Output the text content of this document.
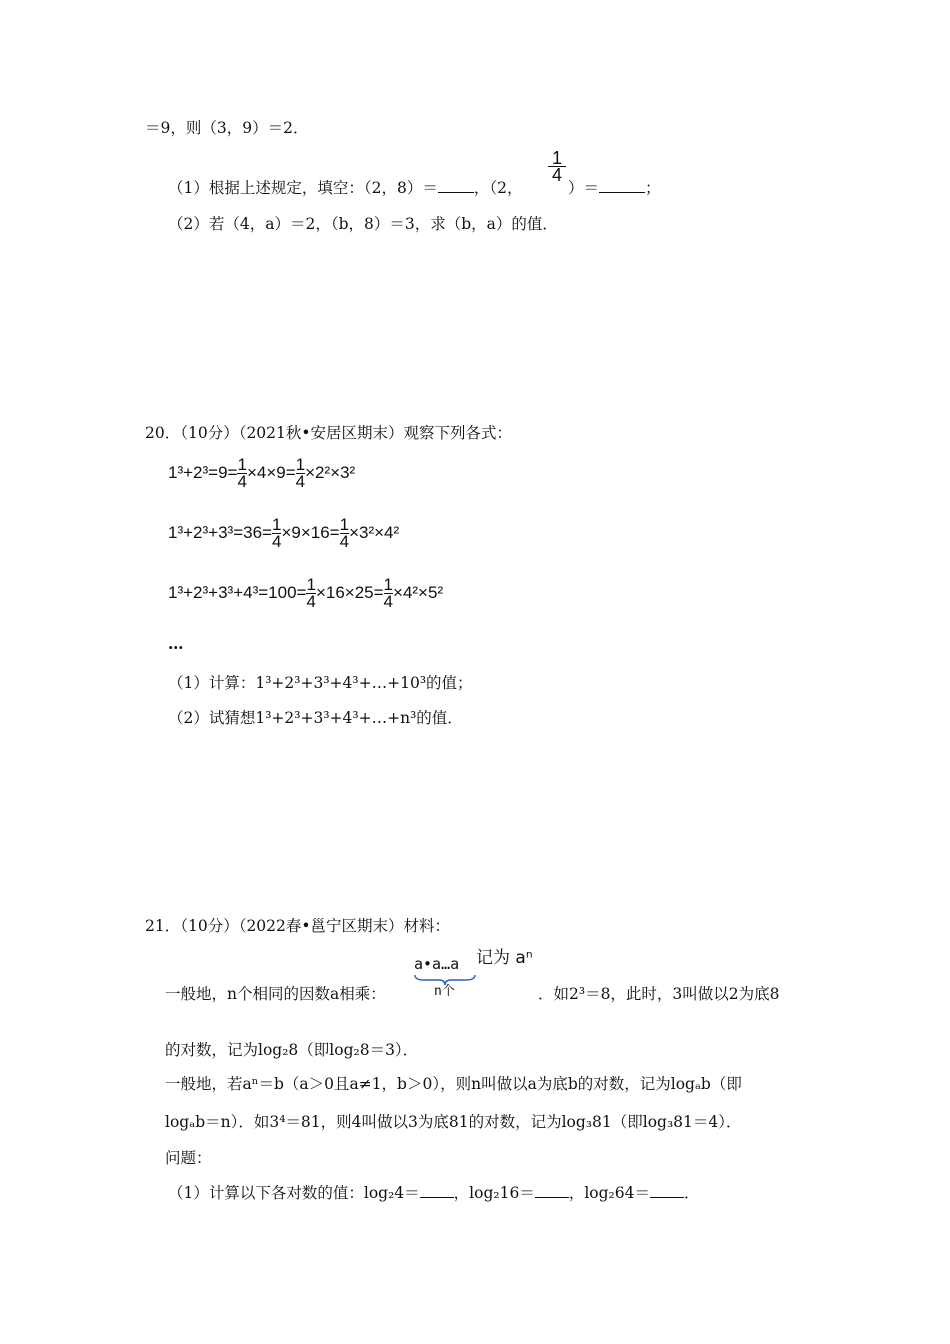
＝9，则（3，9）＝2．
（1）根据上述规定，填空：（2，8）＝ ，（2，
$\frac{1}{4}$
）＝	；
（2）若（4，a）＝2，（b，8）＝3，求（b，a）的值．
20．（10分）（2021秋•安居区期末）观察下列各式：
$1^3+2^3=9= \frac{1}{4} \times 4\times 9= \frac{1}{4} \times 2^2\times 3^2$
$1^3+2^3+3^3=36= \frac{1}{4} \times 9\times 16= \frac{1}{4} \times 3^2\times 4^2$
$1^3+2^3+3^3+4^3=100= \frac{1}{4} \times 16\times 25= \frac{1}{4} \times 4^2\times 5^2$
…
（1）计算：1³+2³+3³+4³+…+10³的值；
（2）试猜想1³+2³+3³+4³+…+n³的值．
21．（10分）（2022春•邕宁区期末）材料：
a•a…a 记为 aⁿ
n个
一般地，n个相同的因数a相乘：	．如2³＝8，此时，3叫做以2为底8
的对数，记为log₂8（即log₂8＝3）．
一般地，若aⁿ＝b（a＞0且a≠1，b＞0），则n叫做以a为底b的对数，记为logₐb（即
logₐb＝n）．如3⁴＝81，则4叫做以3为底81的对数，记为log₃81（即log₃81＝4）．
问题：
（1）计算以下各对数的值：log₂4＝ ，log₂16＝ ，log₂64＝ ．
